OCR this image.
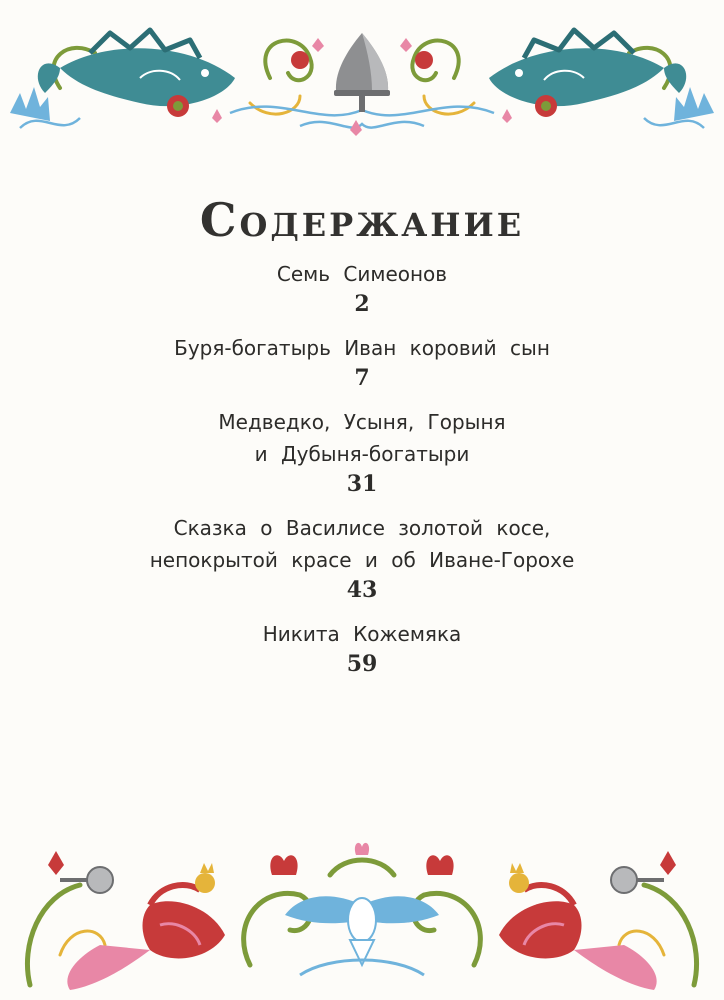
Содержание
Семь Симеонов
2
Буря-богатырь Иван коровий сын
7
Медведко, Усыня, Горыня
и Дубыня-богатыри
31
Сказка о Василисе золотой косе,
непокрытой красе и об Иване-Горохе
43
Никита Кожемяка
59
